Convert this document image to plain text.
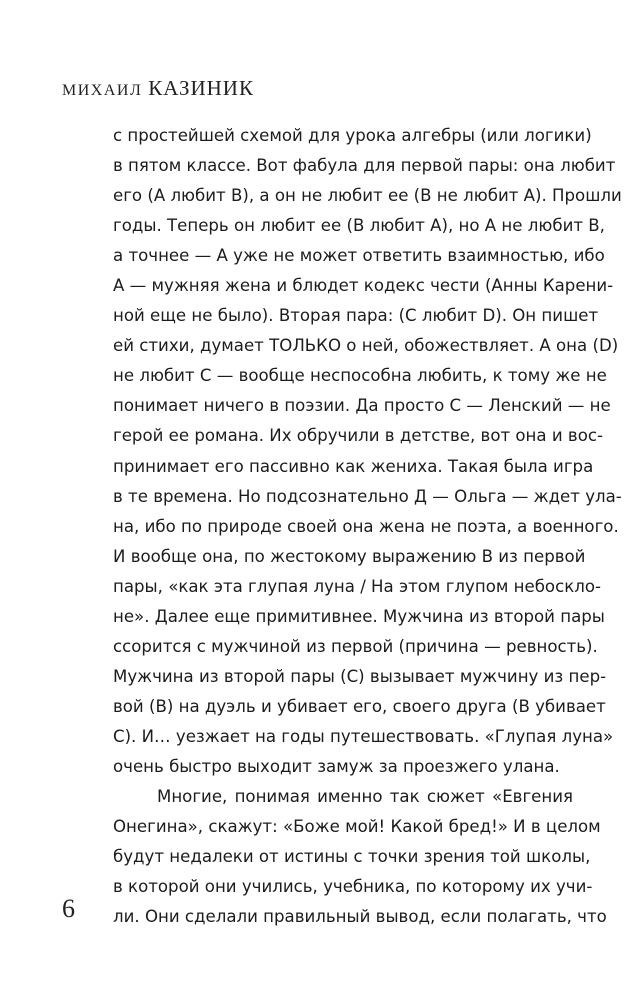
МИХАИЛ КАЗИНИК
с простейшей схемой для урока алгебры (или логики)
в пятом классе. Вот фабула для первой пары: она любит
его (А любит В), а он не любит ее (В не любит А). Прошли
годы. Теперь он любит ее (В любит А), но А не любит В,
а точнее — А уже не может ответить взаимностью, ибо
А — мужняя жена и блюдет кодекс чести (Анны Карени-
ной еще не было). Вторая пара: (С любит D). Он пишет
ей стихи, думает ТОЛЬКО о ней, обожествляет. А она (D)
не любит С — вообще неспособна любить, к тому же не
понимает ничего в поэзии. Да просто С — Ленский — не
герой ее романа. Их обручили в детстве, вот она и вос-
принимает его пассивно как жениха. Такая была игра
в те времена. Но подсознательно Д — Ольга — ждет ула-
на, ибо по природе своей она жена не поэта, а военного.
И вообще она, по жестокому выражению В из первой
пары, «как эта глупая луна / На этом глупом небоскло-
не». Далее еще примитивнее. Мужчина из второй пары
ссорится с мужчиной из первой (причина — ревность).
Мужчина из второй пары (С) вызывает мужчину из пер-
вой (В) на дуэль и убивает его, своего друга (В убивает
С). И… уезжает на годы путешествовать. «Глупая луна»
очень быстро выходит замуж за проезжего улана.
Многие, понимая именно так сюжет «Евгения
Онегина», скажут: «Боже мой! Какой бред!» И в целом
будут недалеки от истины с точки зрения той школы,
в которой они учились, учебника, по которому их учи-
ли. Они сделали правильный вывод, если полагать, что
6
